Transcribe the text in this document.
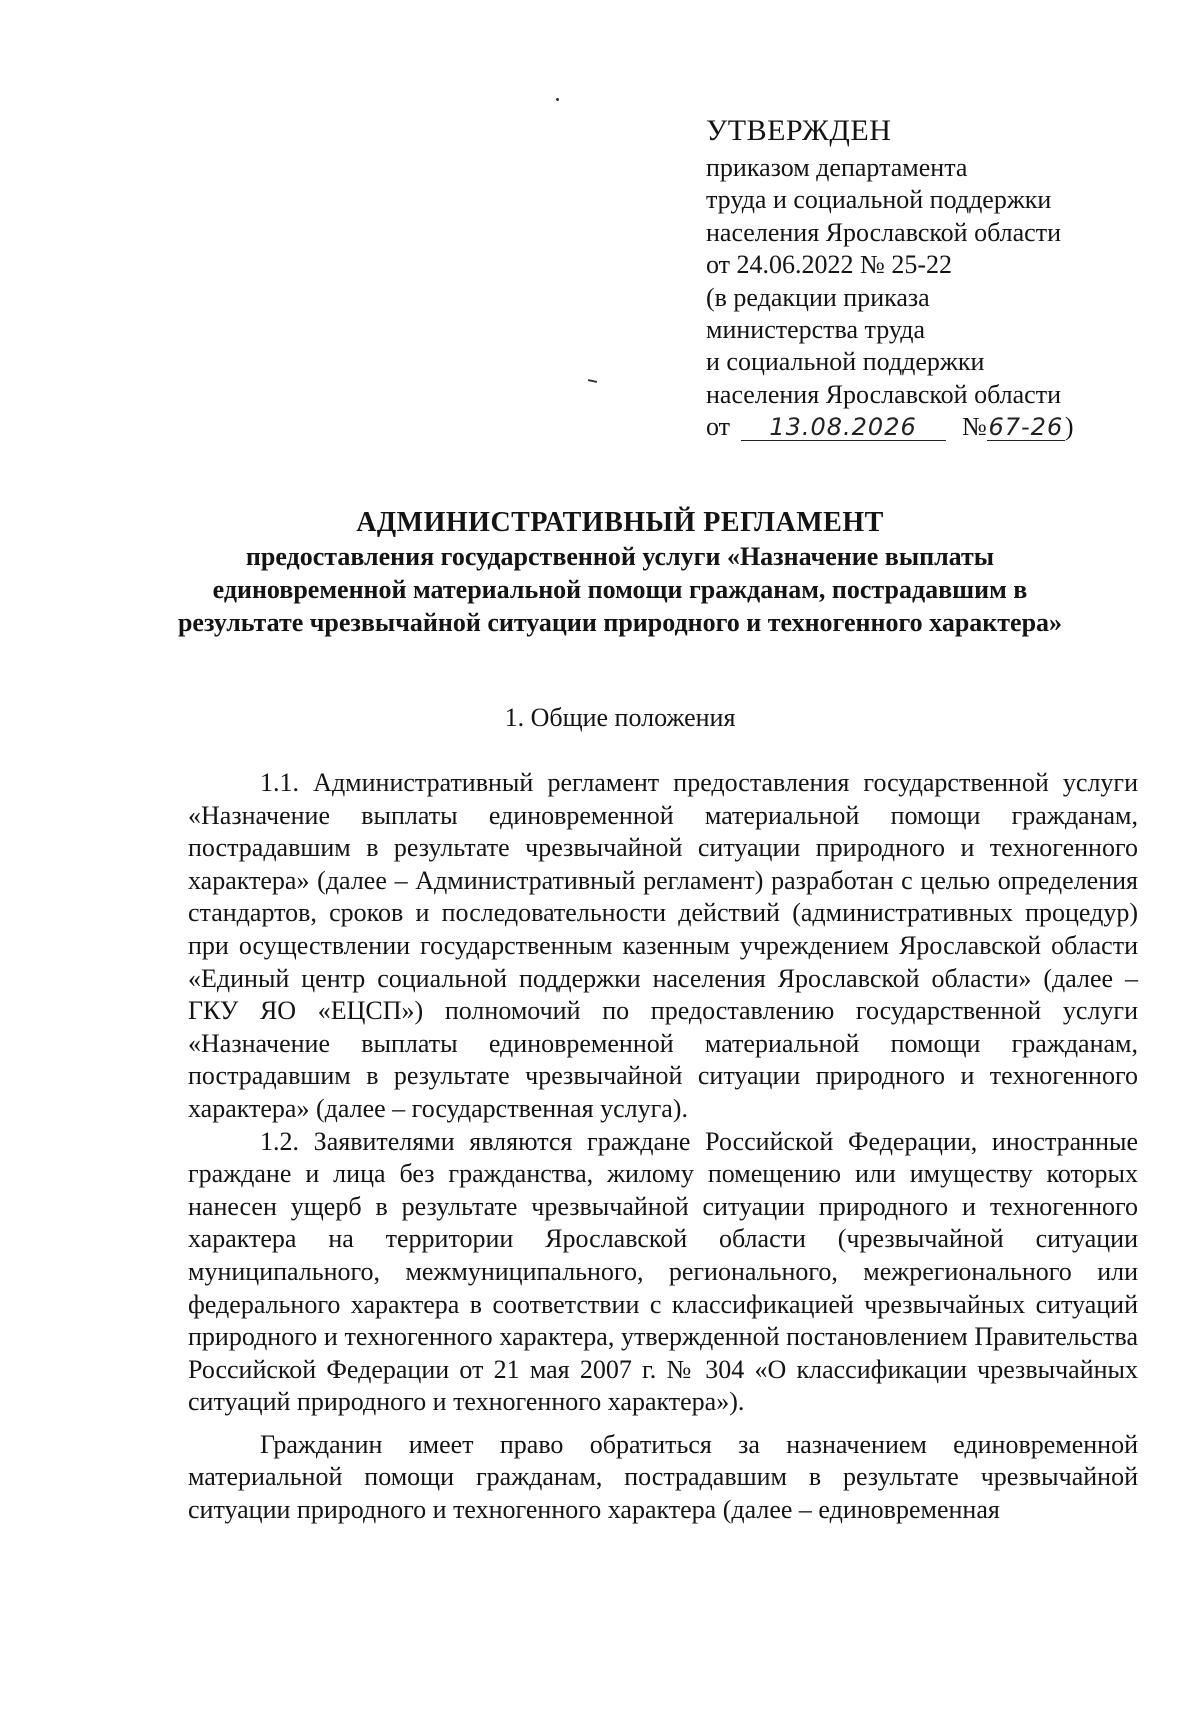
УТВЕРЖДЕН
приказом департамента
труда и социальной поддержки
населения Ярославской области
от 24.06.2022 № 25-22
(в редакции приказа
министерства труда
и социальной поддержки
населения Ярославской области
от 13.08.2026 №67-26)
АДМИНИСТРАТИВНЫЙ РЕГЛАМЕНТ
предоставления государственной услуги «Назначение выплаты единовременной материальной помощи гражданам, пострадавшим в результате чрезвычайной ситуации природного и техногенного характера»
1. Общие положения

1.1. Административный регламент предоставления государственной услуги «Назначение выплаты единовременной материальной помощи гражданам, пострадавшим в результате чрезвычайной ситуации природного и техногенного характера» (далее – Административный регламент) разработан с целью определения стандартов, сроков и последовательности действий (административных процедур) при осуществлении государственным казенным учреждением Ярославской области «Единый центр социальной поддержки населения Ярославской области» (далее – ГКУ ЯО «ЕЦСП») полномочий по предоставлению государственной услуги «Назначение выплаты единовременной материальной помощи гражданам, пострадавшим в результате чрезвычайной ситуации природного и техногенного характера» (далее – государственная услуга).

1.2. Заявителями являются граждане Российской Федерации, иностранные граждане и лица без гражданства, жилому помещению или имуществу которых нанесен ущерб в результате чрезвычайной ситуации природного и техногенного характера на территории Ярославской области (чрезвычайной ситуации муниципального, межмуниципального, регионального, межрегионального или федерального характера в соответствии с классификацией чрезвычайных ситуаций природного и техногенного характера, утвержденной постановлением Правительства Российской Федерации от 21 мая 2007 г. № 304 «О классификации чрезвычайных ситуаций природного и техногенного характера»).

Гражданин имеет право обратиться за назначением единовременной материальной помощи гражданам, пострадавшим в результате чрезвычайной ситуации природного и техногенного характера (далее – единовременная
